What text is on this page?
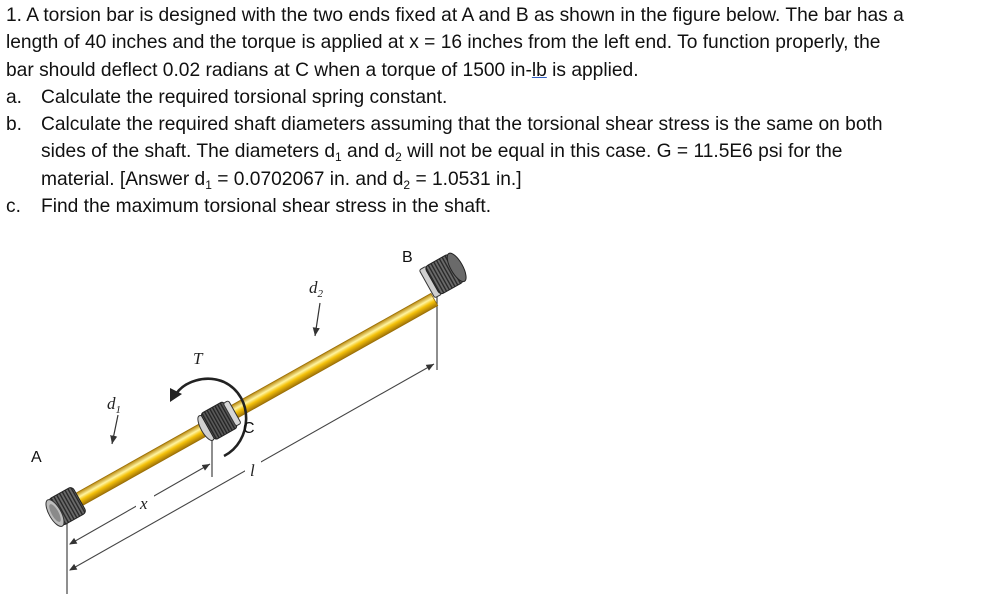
1. A torsion bar is designed with the two ends fixed at A and B as shown in the figure below. The bar has a
length of 40 inches and the torque is applied at x = 16 inches from the left end. To function properly, the
bar should deflect 0.02 radians at C when a torque of 1500 in-lb is applied.
a. Calculate the required torsional spring constant.
b. Calculate the required shaft diameters assuming that the torsional shear stress is the same on both
sides of the shaft. The diameters $d_1$ and $d_2$ will not be equal in this case. G = 11.5E6 psi for the
material. [Answer $d_1 = 0.0702067$ in. and $d_2 = 1.0531$ in.]
c. Find the maximum torsional shear stress in the shaft.
A
B
C
T
$d_1$
$d_2$
x
l
